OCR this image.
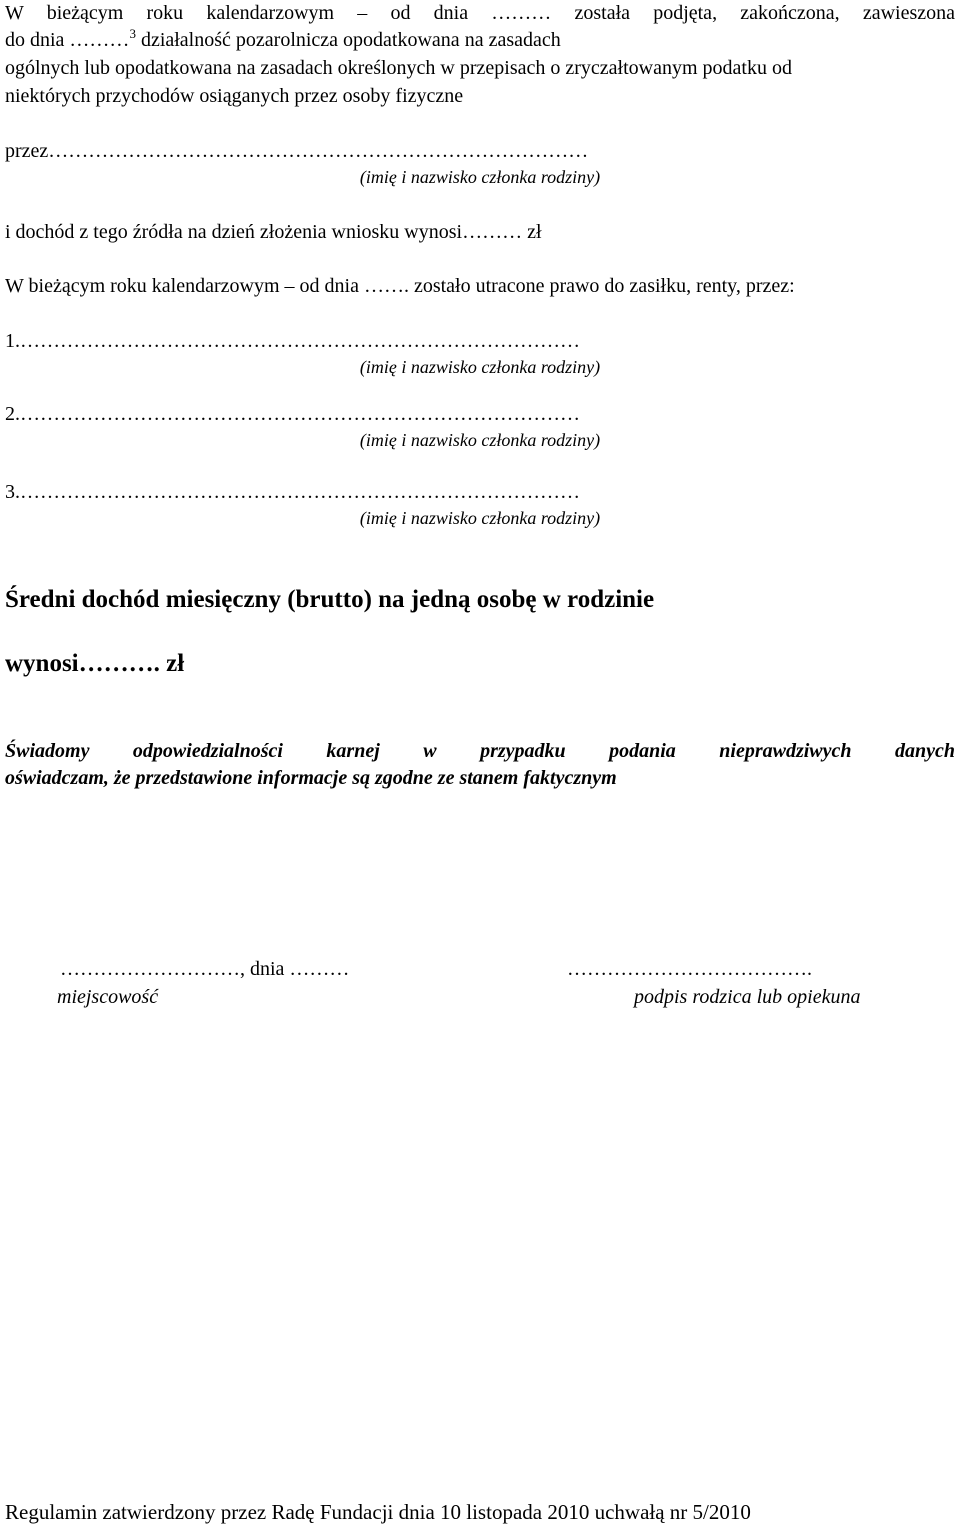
W bieżącym roku kalendarzowym – od dnia ……… została podjęta, zakończona, zawieszona
do dnia ………$^3$ działalność pozarolnicza opodatkowana na zasadach
ogólnych lub opodatkowana na zasadach określonych w przepisach o zryczałtowanym podatku od
niektórych przychodów osiąganych przez osoby fizyczne
przez………………………………………………………………………
(imię i nazwisko członka rodziny)
i dochód z tego źródła na dzień złożenia wniosku wynosi……… zł
W bieżącym roku kalendarzowym – od dnia ……. zostało utracone prawo do zasiłku, renty, przez:
1.…………………………………………………………………………
(imię i nazwisko członka rodziny)
2.…………………………………………………………………………
(imię i nazwisko członka rodziny)
3.…………………………………………………………………………
(imię i nazwisko członka rodziny)
Średni dochód miesięczny (brutto) na jedną osobę w rodzinie
wynosi………. zł
Świadomy odpowiedzialności karnej w przypadku podania nieprawdziwych danych
oświadczam, że przedstawione informacje są zgodne ze stanem faktycznym
………………………, dnia ………
miejscowość
……………………………….
podpis rodzica lub opiekuna
Regulamin zatwierdzony przez Radę Fundacji dnia 10 listopada 2010 uchwałą nr 5/2010
